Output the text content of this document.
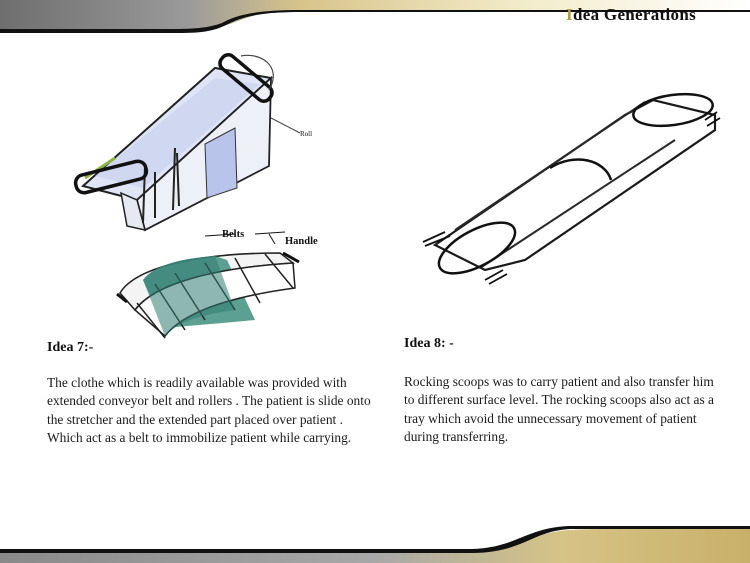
Idea Generations
Roll
Belts
Handle
Idea 7:-
The clothe which is readily available was provided with extended conveyor belt and rollers . The patient is slide onto the stretcher and the extended part placed over patient . Which act as a belt to immobilize patient while carrying.
Idea 8: -
Rocking scoops was to carry patient and also transfer him to different surface level. The rocking scoops also act as a tray which avoid the unnecessary movement of patient during transferring.
